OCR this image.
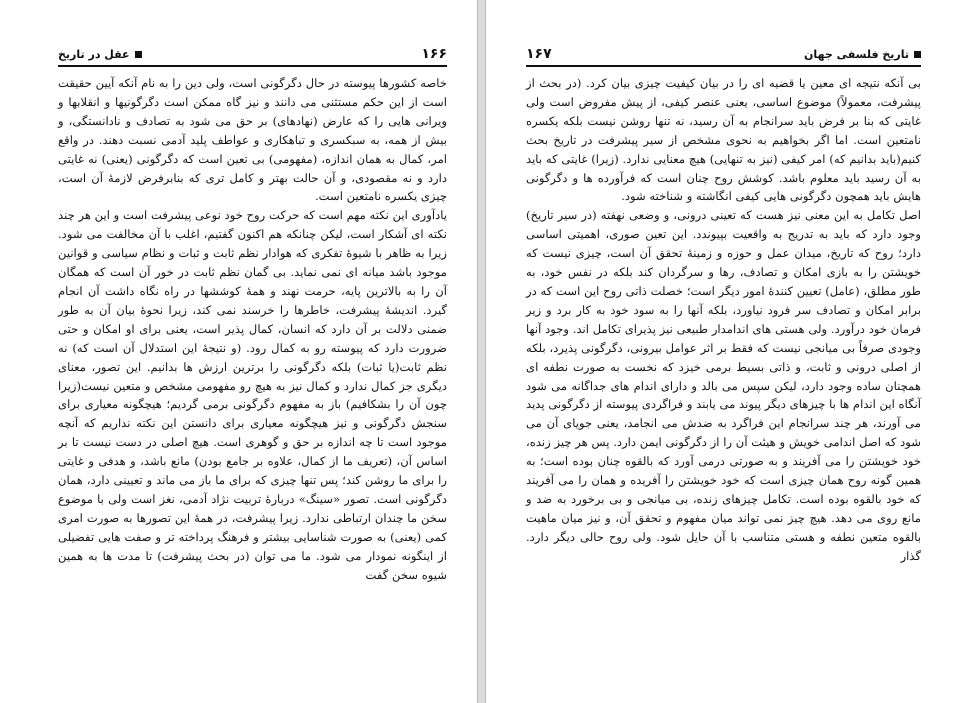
عقل در تاریخ	۱۶۶

خاصه کشورها پیوسته در حال دگرگونی است، ولی دین را به نام آنکه آیین حقیقت است از این حکم مستثنی می دانند و نیز گاه ممکن است دگرگونیها و انقلابها و ویرانی هایی را که عارض (نهادهای) بر حق می شود به تصادف و نادانستگی، و بیش از همه، به سبکسری و تباهکاری و عواطف پلید آدمی نسبت دهند. در واقع امر، کمال به همان اندازه، (مفهومی) بی تعین است که دگرگونی (یعنی) نه غایتی دارد و نه مقصودی، و آن حالت بهتر و کامل تری که بنابرفرض لازمهٔ آن است، چیزی یکسره نامتعین است.

یادآوری این نکته مهم است که حرکت روح خود نوعی پیشرفت است و این هر چند نکته ای آشکار است، لیکن چنانکه هم اکنون گفتیم، اغلب با آن مخالفت می شود. زیرا به ظاهر با شیوهٔ تفکری که هوادار نظم ثابت و ثبات و نظام سیاسی و قوانین موجود باشد میانه ای نمی نماید. بی گمان نظم ثابت در خور آن است که همگان آن را به بالاترین پایه، حرمت نهند و همهٔ کوششها در راه نگاه داشت آن انجام گیرد. اندیشهٔ پیشرفت، خاطرها را خرسند نمی کند، زیرا نحوهٔ بیان آن به طور ضمنی دلالت بر آن دارد که انسان، کمال پذیر است، یعنی برای او امکان و حتی ضرورت دارد که پیوسته رو به کمال رود. (و نتیجهٔ این استدلال آن است که) نه نظم ثابت(یا ثبات) بلکه دگرگونی را برترین ارزش ها بدانیم. این تصور، معنای دیگری جز کمال ندارد و کمال نیز به هیچ رو مفهومی مشخص و متعین نیست(زیرا چون آن را بشکافیم) باز به مفهوم دگرگونی برمی گردیم؛ هیچگونه معیاری برای سنجش دگرگونی و نیز هیچگونه معیاری برای دانستن این نکته نداریم که آنچه موجود است تا چه اندازه بر حق و گوهری است. هیچ اصلی در دست نیست تا بر اساس آن، (تعریف ما از کمال، علاوه بر جامع بودن) مانع باشد، و هدفی و غایتی را برای ما روشن کند؛ پس تنها چیزی که برای ما باز می ماند و تعیینی دارد، همان دگرگونی است. تصور «سینگ» دربارهٔ تربیت نژاد آدمی، نغز است ولی با موضوع سخن ما چندان ارتباطی ندارد. زیرا پیشرفت، در همهٔ این تصورها به صورت امری کمی (یعنی) به صورت شناسایی بیشتر و فرهنگ پرداخته تر و صفت هایی تفضیلی از اینگونه نمودار می شود. ما می توان (در بحث پیشرفت) تا مدت ها به همین شیوه سخن گفت

۱۶۷	تاریخ فلسفی جهان

بی آنکه نتیجه ای معین یا قضیه ای را در بیان کیفیت چیزی بیان کرد. (در بحث از پیشرفت، معمولاً) موضوع اساسی، یعنی عنصر کیفی، از پیش مفروض است ولی غایتی که بنا بر فرض باید سرانجام به آن رسید، نه تنها روشن نیست بلکه یکسره نامتعین است. اما اگر بخواهیم به نحوی مشخص از سیر پیشرفت در تاریخ بحث کنیم(باید بدانیم که) امر کیفی (نیز به تنهایی) هیچ معنایی ندارد. (زیرا) غایتی که باید به آن رسید باید معلوم باشد. کوشش روح چنان است که فرآورده ها و دگرگونی هایش باید همچون دگرگونی هایی کیفی انگاشته و شناخته شود.

اصل تکامل به این معنی نیز هست که تعینی درونی، و وضعی نهفته (در سیر تاریخ) وجود دارد که باید به تدریج به واقعیت بپیوندد. این تعین صوری، اهمیتی اساسی دارد؛ روح که تاریخ، میدان عمل و حوزه و زمینهٔ تحقق آن است، چیزی نیست که خویشتن را به بازی امکان و تصادف، رها و سرگردان کند بلکه در نفس خود، به طور مطلق، (عامل) تعیین کنندهٔ امور دیگر است؛ خصلت ذاتی روح این است که در برابر امکان و تصادف سر فرود نیاورد، بلکه آنها را به سود خود به کار برد و زیر فرمان خود درآورد. ولی هستی های اندامدار طبیعی نیز پذیرای تکامل اند. وجود آنها وجودی صرفاً بی میانجی نیست که فقط بر اثر عوامل بیرونی، دگرگونی پذیرد، بلکه از اصلی درونی و ثابت، و ذاتی بسیط برمی خیزد که نخست به صورت نطفه ای همچنان ساده وجود دارد، لیکن سپس می بالد و دارای اندام های جداگانه می شود آنگاه این اندام ها با چیزهای دیگر پیوند می یابند و فراگردی پیوسته از دگرگونی پدید می آورند، هر چند سرانجام این فراگرد به ضدش می انجامد، یعنی جویای آن می شود که اصل اندامی خویش و هیئت آن را از دگرگونی ایمن دارد. پس هر چیز زنده، خود خویشتن را می آفریند و به صورتی درمی آورد که بالقوه چنان بوده است؛ به همین گونه روح همان چیزی است که خود خویشتن را آفریده و همان را می آفریند که خود بالقوه بوده است. تکامل چیزهای زنده، بی میانجی و بی برخورد به ضد و مانع روی می دهد. هیچ چیز نمی تواند میان مفهوم و تحقق آن، و نیز میان ماهیت بالقوه متعین نطفه و هستی متناسب با آن حایل شود. ولی روح حالی دیگر دارد. گذار
